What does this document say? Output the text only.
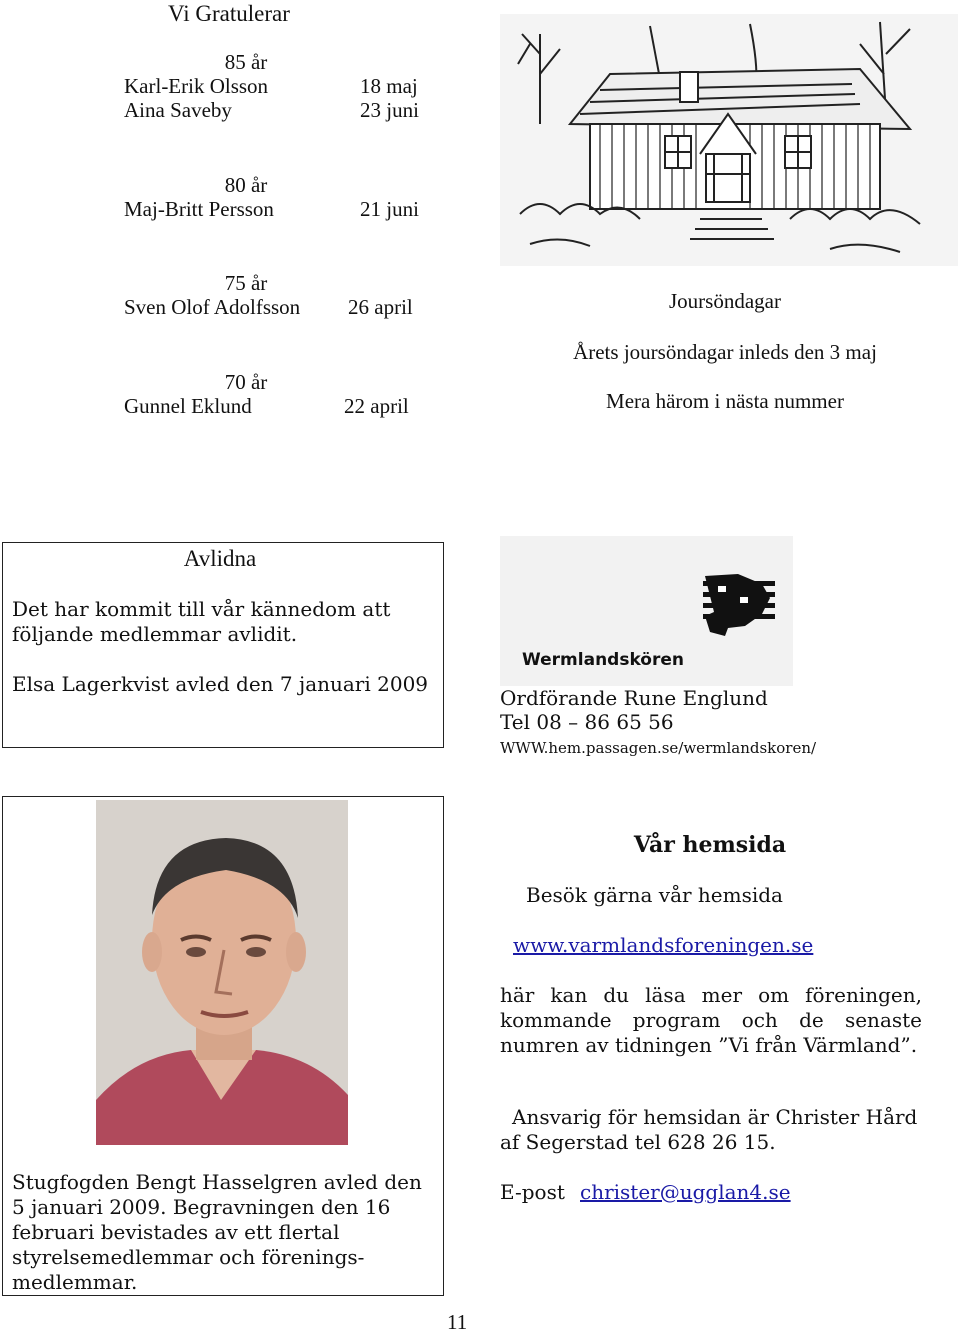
Vi Gratulerar
85 år
Karl-Erik Olsson	18 maj
Aina Saveby	23 juni
80 år
Maj-Britt Persson	21 juni
75 år
Sven Olof Adolfsson 26 april
70 år
Gunnel Eklund	22 april
Joursöndagar
Årets joursöndagar inleds den 3 maj
Mera härom i nästa nummer
Avlidna
Det har kommit till vår kännedom att följande medlemmar avlidit.
Elsa Lagerkvist avled den 7 januari 2009
Wermlandskören
Ordförande Rune Englund
Tel 08 – 86 65 56
WWW.hem.passagen.se/wermlandskoren/
Stugfogden Bengt Hasselgren avled den 5 januari 2009. Begravningen den 16 februari bevistades av ett flertal styrelsemedlemmar och förenings-medlemmar.
Vår hemsida
Besök gärna vår hemsida
www.varmlandsforeningen.se
här kan du läsa mer om föreningen, kommande program och de senaste numren av tidningen ”Vi från Värmland”.
Ansvarig för hemsidan är Christer Hård af Segerstad tel 628 26 15.
E-post christer@ugglan4.se
11
